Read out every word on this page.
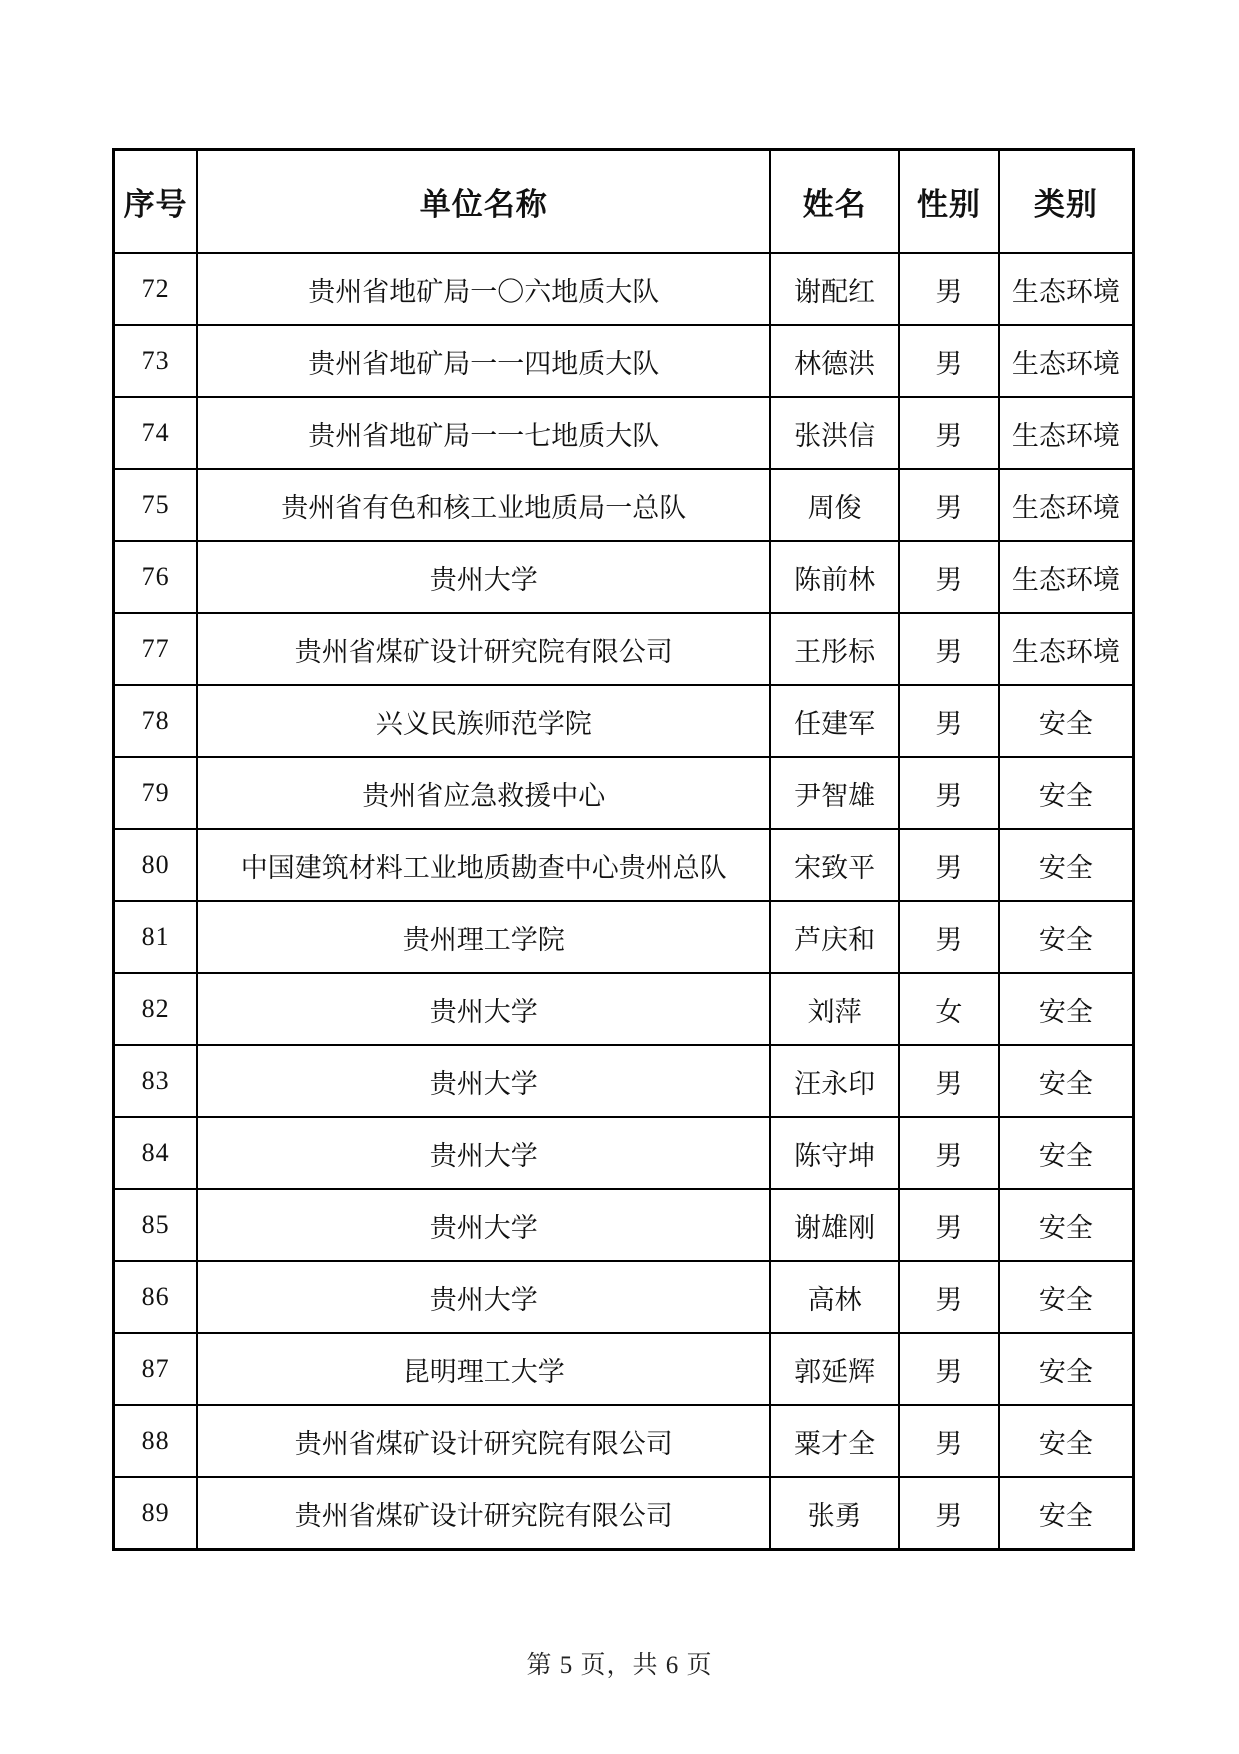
序号	单位名称	姓名	性别	类别
72	贵州省地矿局一〇六地质大队	谢配红	男	生态环境
73	贵州省地矿局一一四地质大队	林德洪	男	生态环境
74	贵州省地矿局一一七地质大队	张洪信	男	生态环境
75	贵州省有色和核工业地质局一总队	周俊	男	生态环境
76	贵州大学	陈前林	男	生态环境
77	贵州省煤矿设计研究院有限公司	王彤标	男	生态环境
78	兴义民族师范学院	任建军	男	安全
79	贵州省应急救援中心	尹智雄	男	安全
80	中国建筑材料工业地质勘查中心贵州总队	宋致平	男	安全
81	贵州理工学院	芦庆和	男	安全
82	贵州大学	刘萍	女	安全
83	贵州大学	汪永印	男	安全
84	贵州大学	陈守坤	男	安全
85	贵州大学	谢雄刚	男	安全
86	贵州大学	高林	男	安全
87	昆明理工大学	郭延辉	男	安全
88	贵州省煤矿设计研究院有限公司	粟才全	男	安全
89	贵州省煤矿设计研究院有限公司	张勇	男	安全
第 5 页，共 6 页
